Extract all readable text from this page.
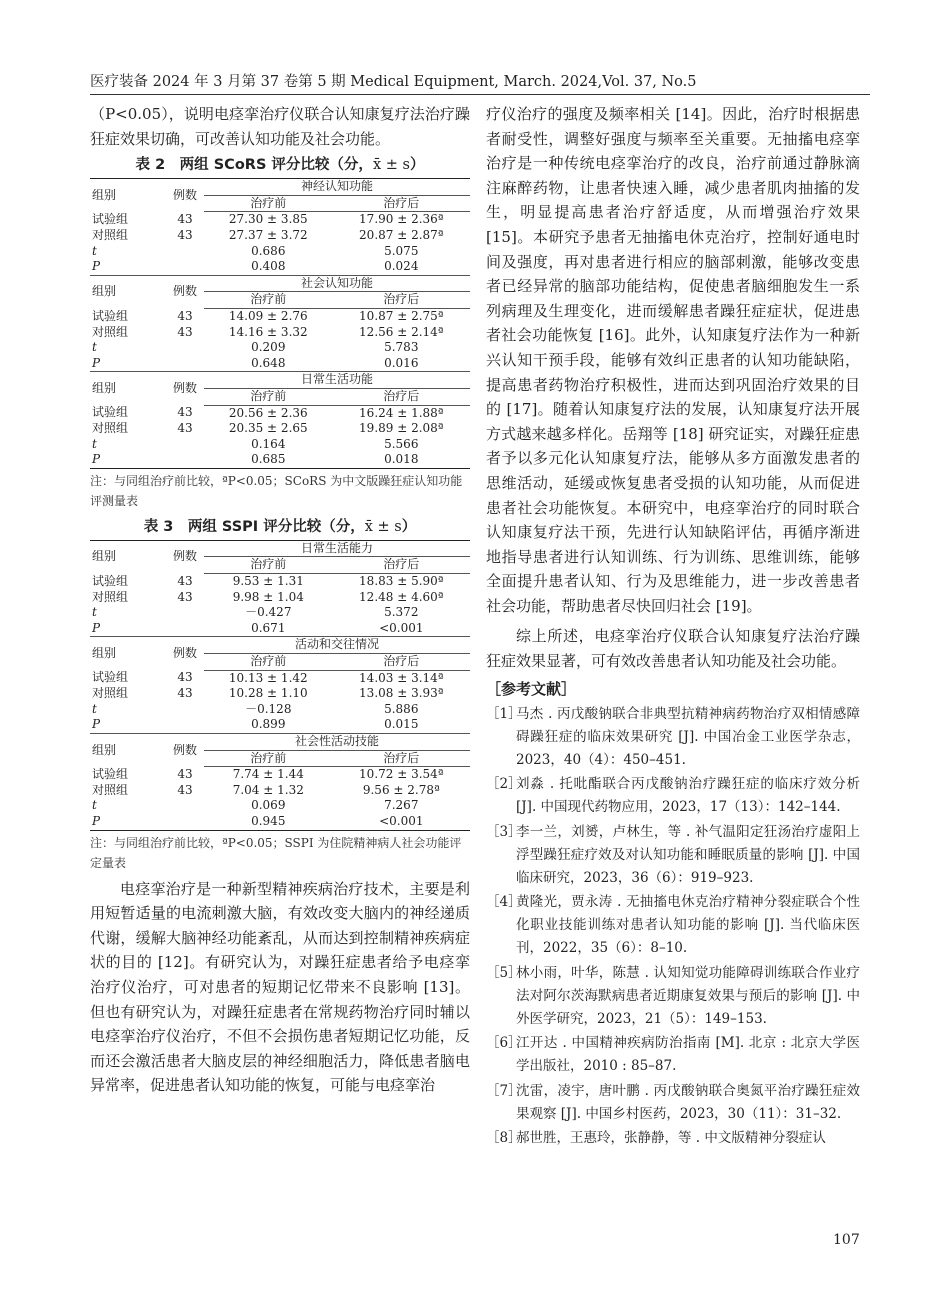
医疗装备 2024 年 3 月第 37 卷第 5 期 Medical Equipment, March. 2024,Vol. 37, No.5

（P<0.05），说明电痉挛治疗仪联合认知康复疗法治疗躁狂症效果切确，可改善认知功能及社会功能。

表 2　两组 SCoRS 评分比较（分，x̄ ± s）
组别	例数	神经认知功能	
		治疗前	治疗后
试验组	43	27.30 ± 3.85	17.90 ± 2.36ª
对照组	43	27.37 ± 3.72	20.87 ± 2.87ª
t		0.686	5.075
P		0.408	0.024
组别	例数	社会认知功能	
		治疗前	治疗后
试验组	43	14.09 ± 2.76	10.87 ± 2.75ª
对照组	43	14.16 ± 3.32	12.56 ± 2.14ª
t		0.209	5.783
P		0.648	0.016
组别	例数	日常生活功能	
		治疗前	治疗后
试验组	43	20.56 ± 2.36	16.24 ± 1.88ª
对照组	43	20.35 ± 2.65	19.89 ± 2.08ª
t		0.164	5.566
P		0.685	0.018
注：与同组治疗前比较，ªP<0.05；SCoRS 为中文版躁狂症认知功能评测量表
表 3　两组 SSPI 评分比较（分，x̄ ± s）
组别	例数	日常生活能力	
		治疗前	治疗后
试验组	43	9.53 ± 1.31	18.83 ± 5.90ª
对照组	43	9.98 ± 1.04	12.48 ± 4.60ª
t		－0.427	5.372
P		0.671	<0.001
组别	例数	活动和交往情况	
		治疗前	治疗后
试验组	43	10.13 ± 1.42	14.03 ± 3.14ª
对照组	43	10.28 ± 1.10	13.08 ± 3.93ª
t		－0.128	5.886
P		0.899	0.015
组别	例数	社会性活动技能	
		治疗前	治疗后
试验组	43	7.74 ± 1.44	10.72 ± 3.54ª
对照组	43	7.04 ± 1.32	9.56 ± 2.78ª
t		0.069	7.267
P		0.945	<0.001
注：与同组治疗前比较，ªP<0.05；SSPI 为住院精神病人社会功能评定量表

电痉挛治疗是一种新型精神疾病治疗技术，主要是利用短暂适量的电流刺激大脑，有效改变大脑内的神经递质代谢，缓解大脑神经功能紊乱，从而达到控制精神疾病症状的目的 [12]。有研究认为，对躁狂症患者给予电痉挛治疗仪治疗，可对患者的短期记忆带来不良影响 [13]。但也有研究认为，对躁狂症患者在常规药物治疗同时辅以电痉挛治疗仪治疗，不但不会损伤患者短期记忆功能，反而还会激活患者大脑皮层的神经细胞活力，降低患者脑电异常率，促进患者认知功能的恢复，可能与电痉挛治

疗仪治疗的强度及频率相关 [14]。因此，治疗时根据患者耐受性，调整好强度与频率至关重要。无抽搐电痉挛治疗是一种传统电痉挛治疗的改良，治疗前通过静脉滴注麻醉药物，让患者快速入睡，减少患者肌肉抽搐的发生，明显提高患者治疗舒适度，从而增强治疗效果 [15]。本研究予患者无抽搐电休克治疗，控制好通电时间及强度，再对患者进行相应的脑部刺激，能够改变患者已经异常的脑部功能结构，促使患者脑细胞发生一系列病理及生理变化，进而缓解患者躁狂症症状，促进患者社会功能恢复 [16]。此外，认知康复疗法作为一种新兴认知干预手段，能够有效纠正患者的认知功能缺陷，提高患者药物治疗积极性，进而达到巩固治疗效果的目的 [17]。随着认知康复疗法的发展，认知康复疗法开展方式越来越多样化。岳翔等 [18] 研究证实，对躁狂症患者予以多元化认知康复疗法，能够从多方面激发患者的思维活动，延缓或恢复患者受损的认知功能，从而促进患者社会功能恢复。本研究中，电痉挛治疗的同时联合认知康复疗法干预，先进行认知缺陷评估，再循序渐进地指导患者进行认知训练、行为训练、思维训练，能够全面提升患者认知、行为及思维能力，进一步改善患者社会功能，帮助患者尽快回归社会 [19]。

综上所述，电痉挛治疗仪联合认知康复疗法治疗躁狂症效果显著，可有效改善患者认知功能及社会功能。

［参考文献］
［1］
马杰 . 丙戊酸钠联合非典型抗精神病药物治疗双相情感障碍躁狂症的临床效果研究 [J]. 中国冶金工业医学杂志，2023，40（4）：450–451.
［2］
刘淼 . 托吡酯联合丙戊酸钠治疗躁狂症的临床疗效分析 [J]. 中国现代药物应用，2023，17（13）：142–144.
［3］
李一兰，刘赟，卢林生，等 . 补气温阳定狂汤治疗虚阳上浮型躁狂症疗效及对认知功能和睡眠质量的影响 [J]. 中国临床研究，2023，36（6）：919–923.
［4］
黄隆光，贾永涛 . 无抽搐电休克治疗精神分裂症联合个性化职业技能训练对患者认知功能的影响 [J]. 当代临床医刊，2022，35（6）：8–10.
［5］
林小雨，叶华，陈慧 . 认知知觉功能障碍训练联合作业疗法对阿尔茨海默病患者近期康复效果与预后的影响 [J]. 中外医学研究，2023，21（5）：149–153.
［6］
江开达 . 中国精神疾病防治指南 [M]. 北京 : 北京大学医学出版社，2010 : 85–87.
［7］
沈雷，凌宇，唐叶鹏 . 丙戊酸钠联合奥氮平治疗躁狂症效果观察 [J]. 中国乡村医药，2023，30（11）：31–32.
［8］
郝世胜，王惠玲，张静静，等 . 中文版精神分裂症认
107
